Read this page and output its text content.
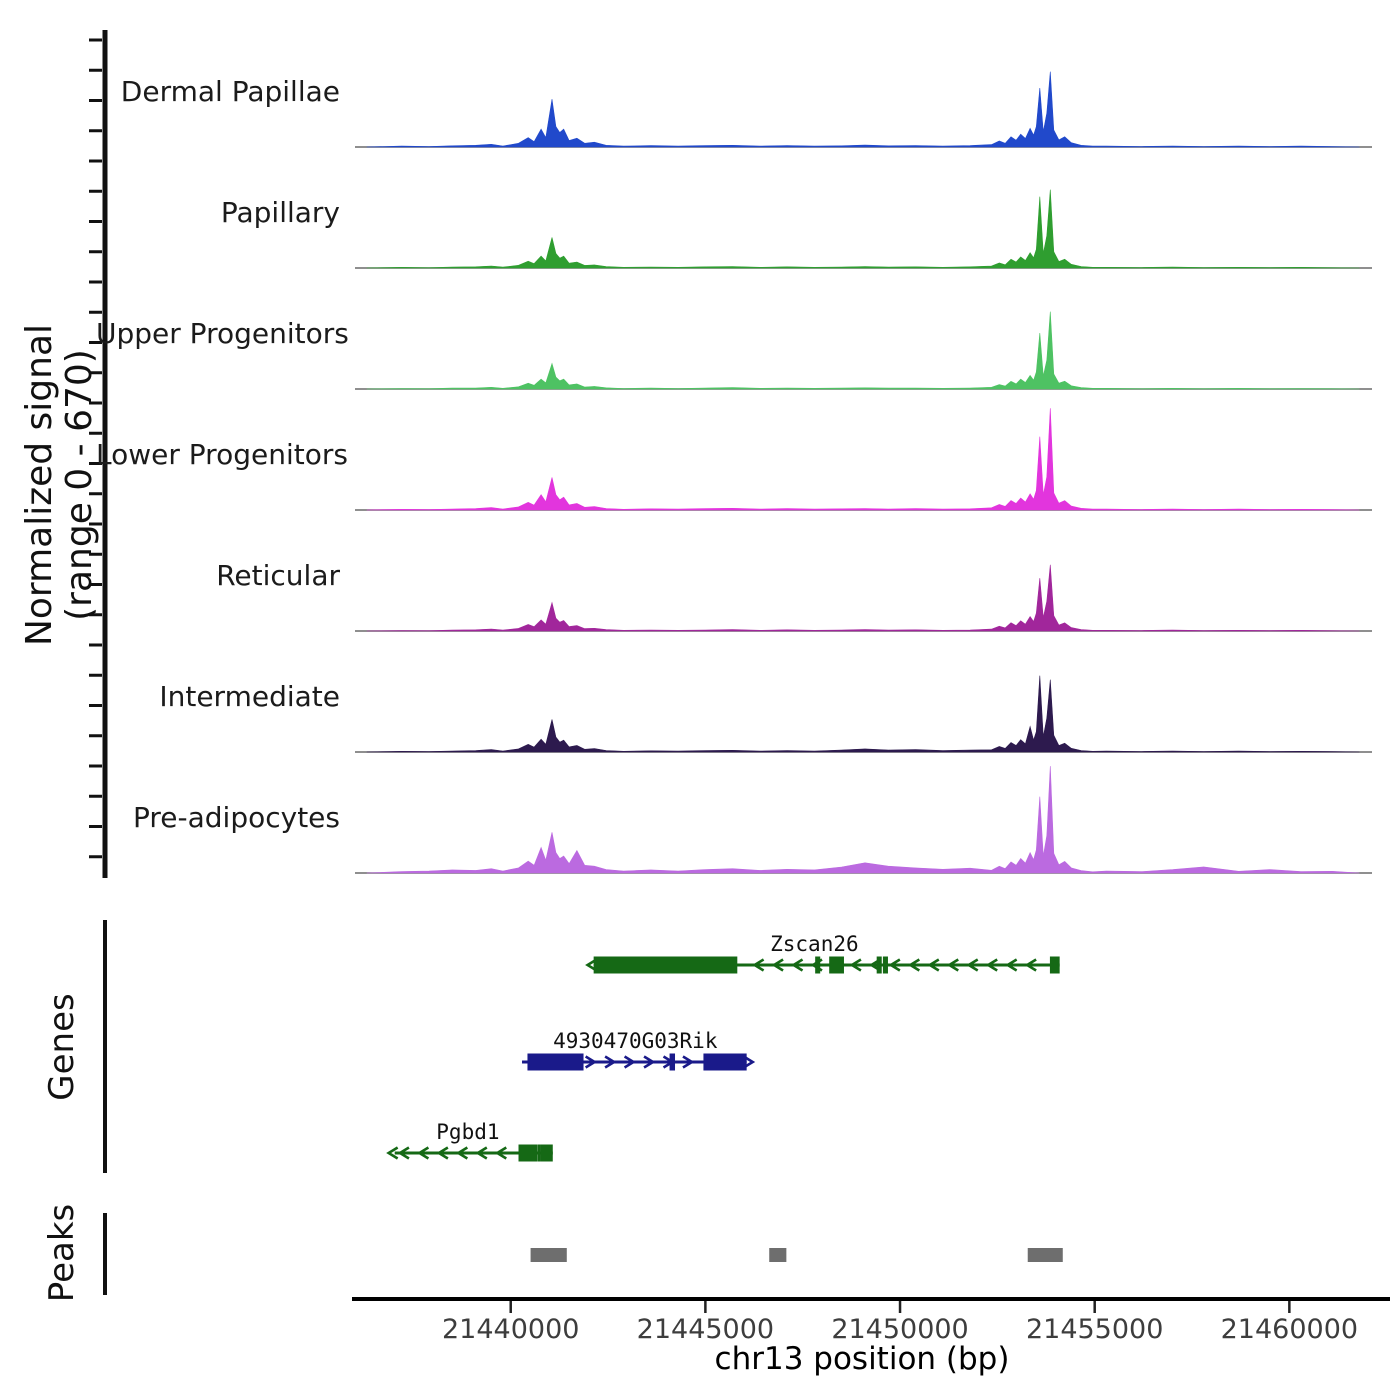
Zscan26
4930470G03Rik
Pgbd1
21440000 21445000 21450000 21455000 21460000
Normalized signal (range 0 - 670)
Genes
Peaks
chr13 position (bp)
Dermal Papillae
Papillary
Upper Progenitors
Lower Progenitors
Reticular
Intermediate
Pre-adipocytes
